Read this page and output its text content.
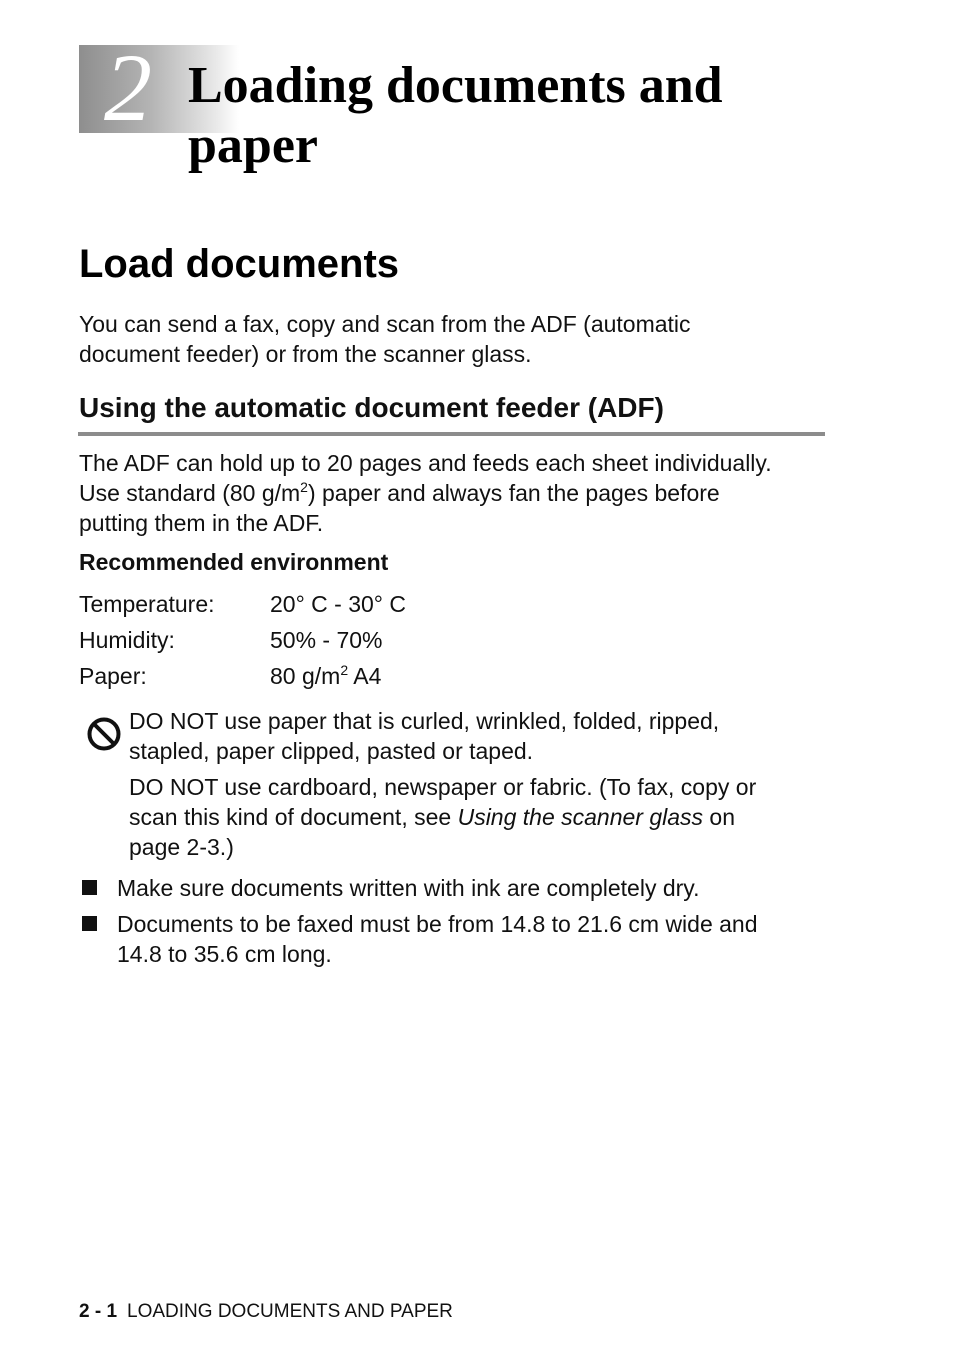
2 Loading documents and
paper
Load documents

You can send a fax, copy and scan from the ADF (automatic
document feeder) or from the scanner glass.

Using the automatic document feeder (ADF)

The ADF can hold up to 20 pages and feeds each sheet individually.
Use standard (80 $g/m^2$) paper and always fan the pages before
putting them in the ADF.

Recommended environment
Temperature: 20° C - 30° C
Humidity:	50% - 70%
Paper:	80 $g/m^2$ A4

DO NOT use paper that is curled, wrinkled, folded, ripped,
stapled, paper clipped, pasted or taped.

DO NOT use cardboard, newspaper or fabric. (To fax, copy or
scan this kind of document, see Using the scanner glass on
page 2-3.)

Make sure documents written with ink are completely dry.

Documents to be faxed must be from 14.8 to 21.6 cm wide and
14.8 to 35.6 cm long.

2 - 1 LOADING DOCUMENTS AND PAPER
